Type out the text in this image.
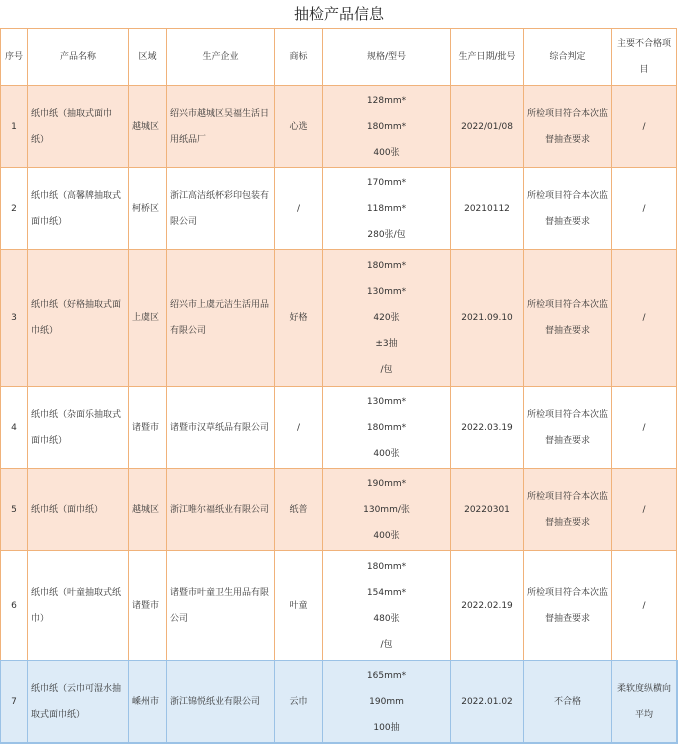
抽检产品信息
序号	产品名称	区域	生产企业	商标	规格/型号	生产日期/批号	综合判定	主要不合格项目
1	纸巾纸（抽取式面巾纸）	越城区	绍兴市越城区吴福生活日用纸品厂	心选	128mm*
180mm*
400张	2022/01/08	所检项目符合本次监督抽查要求	/
2	纸巾纸（高馨牌抽取式面巾纸）	柯桥区	浙江高洁纸杯彩印包装有限公司	/	170mm*
118mm*
280张/包	20210112	所检项目符合本次监督抽查要求	/
3	纸巾纸（好格抽取式面巾纸）	上虞区	绍兴市上虞元洁生活用品有限公司	好格	180mm*
130mm*
420张
±3抽
/包	2021.09.10	所检项目符合本次监督抽查要求	/
4	纸巾纸（杂面乐抽取式面巾纸）	诸暨市	诸暨市汉草纸品有限公司	/	130mm*
180mm*
400张	2022.03.19	所检项目符合本次监督抽查要求	/
5	纸巾纸（面巾纸）	越城区	浙江唯尔福纸业有限公司	纸普	190mm*
130mm/张
400张	20220301	所检项目符合本次监督抽查要求	/
6	纸巾纸（叶童抽取式纸巾）	诸暨市	诸暨市叶童卫生用品有限公司	叶童	180mm*
154mm*
480张
/包	2022.02.19	所检项目符合本次监督抽查要求	/
7	纸巾纸（云巾可湿水抽取式面巾纸）	嵊州市	浙江锦悦纸业有限公司	云巾	165mm*
190mm
100抽	2022.01.02	不合格	柔软度纵横向平均
